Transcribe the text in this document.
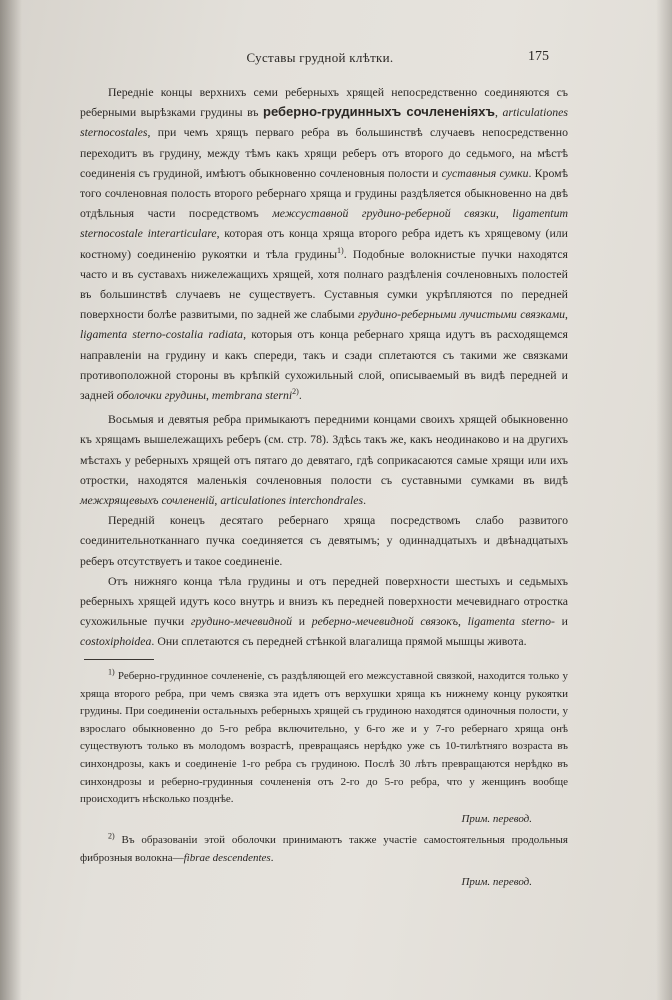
Суставы грудной клѣтки.	175

Передніе концы верхнихъ семи реберныхъ хрящей непосредственно соединяются съ реберными вырѣзками грудины въ реберно-грудинныхъ сочлененіяхъ, articulationes sternocostales, при чемъ хрящъ перваго ребра въ большинствѣ случаевъ непосредственно переходитъ въ грудину, между тѣмъ какъ хрящи реберъ отъ второго до седьмого, на мѣстѣ соединенія съ грудиной, имѣютъ обыкновенно сочленовныя полости и суставныя сумки. Кромѣ того сочленовная полость второго ребернаго хряща и грудины раздѣляется обыкновенно на двѣ отдѣльныя части посредствомъ межсуставной грудино-реберной связки, ligamentum sternocostale interarticulare, которая отъ конца хряща второго ребра идетъ къ хрящевому (или костному) соединенію рукоятки и тѣла грудины$^{1)}$. Подобные волокнистые пучки находятся часто и въ суставахъ нижележащихъ хрящей, хотя полнаго раздѣленія сочленовныхъ полостей въ большинствѣ случаевъ не существуетъ. Суставныя сумки укрѣпляются по передней поверхности болѣе развитыми, по задней же слабыми грудино-реберными лучистыми связками, ligamenta sterno-costalia radiata, которыя отъ конца ребернаго хряща идутъ въ расходящемся направленіи на грудину и какъ спереди, такъ и сзади сплетаются съ такими же связками противоположной стороны въ крѣпкій сухожильный слой, описываемый въ видѣ передней и задней оболочки грудины, membrana sterni$^{2)}$.

Восьмыя и девятыя ребра примыкаютъ передними концами своихъ хрящей обыкновенно къ хрящамъ вышележащихъ реберъ (см. стр. 78). Здѣсь такъ же, какъ неодинаково и на другихъ мѣстахъ у реберныхъ хрящей отъ пятаго до девятаго, гдѣ соприкасаются самые хрящи или ихъ отростки, находятся маленькія сочленовныя полости съ суставными сумками въ видѣ межхрящевыхъ сочлененій, articulationes interchondrales.

Передній конецъ десятаго ребернаго хряща посредствомъ слабо развитого соединительнотканнаго пучка соединяется съ девятымъ; у одиннадцатыхъ и двѣнадцатыхъ реберъ отсутствуетъ и такое соединеніе.

Отъ нижняго конца тѣла грудины и отъ передней поверхности шестыхъ и седьмыхъ реберныхъ хрящей идутъ косо внутрь и внизъ къ передней поверхности мечевиднаго отростка сухожильные пучки грудино-мечевидной и реберно-мечевидной связокъ, ligamenta sterno- и costoxiphoidea. Они сплетаются съ передней стѣнкой влагалища прямой мышцы живота.

$^{1)}$ Реберно-грудинное сочлененіе, съ раздѣляющей его межсуставной связкой, находится только у хряща второго ребра, при чемъ связка эта идетъ отъ верхушки хряща къ нижнему концу рукоятки грудины. При соединеніи остальныхъ реберныхъ хрящей съ грудиною находятся одиночныя полости, у взрослаго обыкновенно до 5-го ребра включительно, у 6-го же и у 7-го ребернаго хряща онѣ существуютъ только въ молодомъ возрастѣ, превращаясь нерѣдко уже съ 10-тилѣтняго возраста въ синхондрозы, какъ и соединеніе 1-го ребра съ грудиною. Послѣ 30 лѣтъ превращаются нерѣдко въ синхондрозы и реберно-грудинныя сочлененія отъ 2-го до 5-го ребра, что у женщинъ вообще происходитъ нѣсколько позднѣе.

Прим. перевод.

$^{2)}$ Въ образованіи этой оболочки принимаютъ также участіе самостоятельныя продольныя фиброзныя волокна—fibrae descendentes.

Прим. перевод.
